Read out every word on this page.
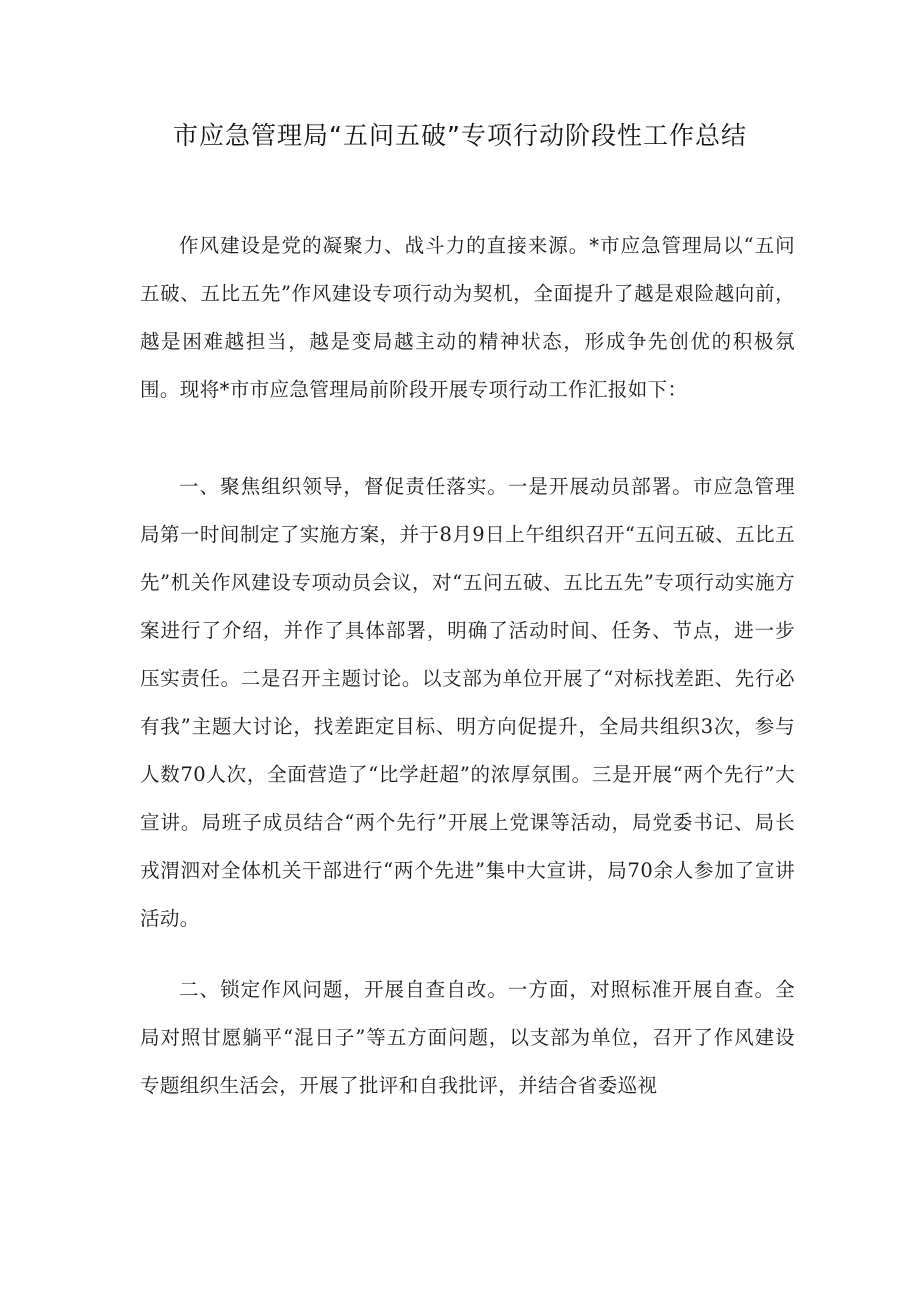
市应急管理局“五问五破”专项行动阶段性工作总结

作风建设是党的凝聚力、战斗力的直接来源。*市应急管理局以“五问五破、五比五先”作风建设专项行动为契机，全面提升了越是艰险越向前，越是困难越担当，越是变局越主动的精神状态，形成争先创优的积极氛围。现将*市市应急管理局前阶段开展专项行动工作汇报如下：

一、聚焦组织领导，督促责任落实。一是开展动员部署。市应急管理局第一时间制定了实施方案，并于8月9日上午组织召开“五问五破、五比五先”机关作风建设专项动员会议，对“五问五破、五比五先”专项行动实施方案进行了介绍，并作了具体部署，明确了活动时间、任务、节点，进一步压实责任。二是召开主题讨论。以支部为单位开展了“对标找差距、先行必有我”主题大讨论，找差距定目标、明方向促提升，全局共组织3次，参与人数70人次，全面营造了“比学赶超”的浓厚氛围。三是开展“两个先行”大宣讲。局班子成员结合“两个先行”开展上党课等活动，局党委书记、局长戎渭泗对全体机关干部进行“两个先进”集中大宣讲，局70余人参加了宣讲活动。

二、锁定作风问题，开展自查自改。一方面，对照标准开展自查。全局对照甘愿躺平“混日子”等五方面问题，以支部为单位，召开了作风建设专题组织生活会，开展了批评和自我批评，并结合省委巡视
